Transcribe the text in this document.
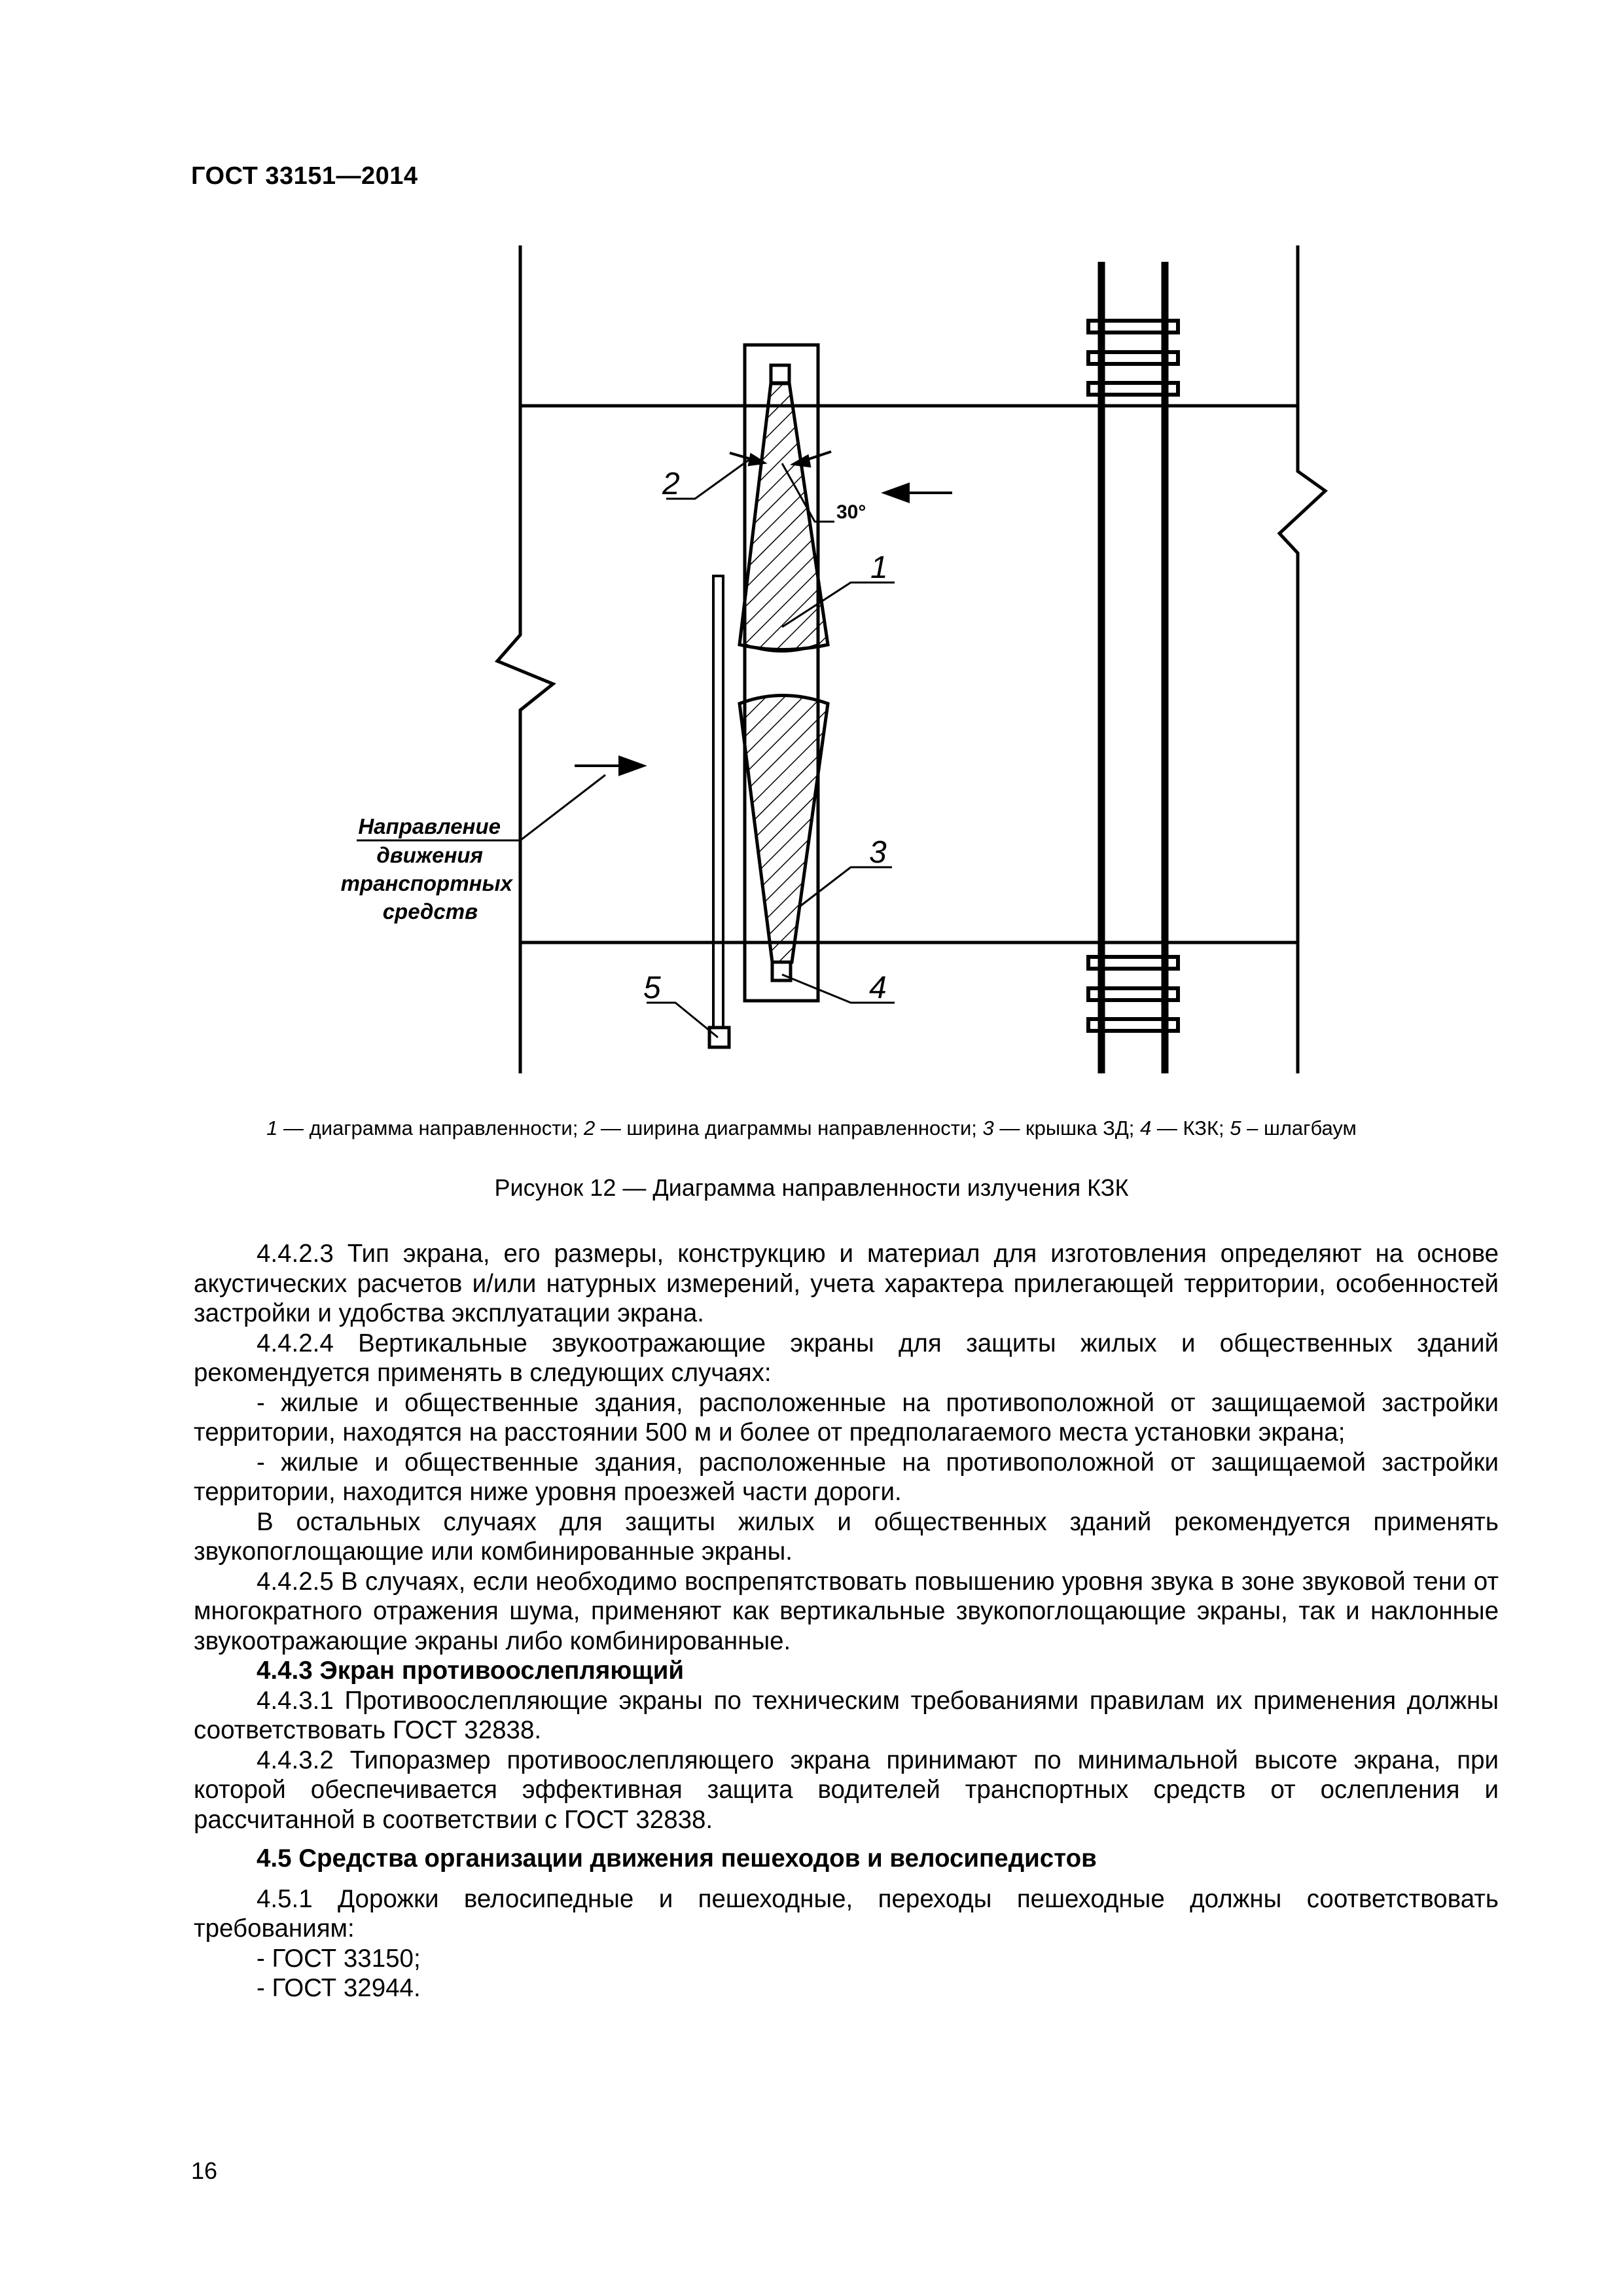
ГОСТ 33151—2014
2
1
3
4
5
30°
Направление
движения
транспортных
средств
1 — диаграмма направленности; 2 — ширина диаграммы направленности; 3 — крышка ЗД; 4 — КЗК; 5 – шлагбаум
Рисунок 12 — Диаграмма направленности излучения КЗК

4.4.2.3 Тип экрана, его размеры, конструкцию и материал для изготовления определяют на основе акустических расчетов и/или натурных измерений, учета характера прилегающей территории, особенностей застройки и удобства эксплуатации экрана.

4.4.2.4 Вертикальные звукоотражающие экраны для защиты жилых и общественных зданий рекомендуется применять в следующих случаях:

- жилые и общественные здания, расположенные на противоположной от защищаемой застройки территории, находятся на расстоянии 500 м и более от предполагаемого места установки экрана;

- жилые и общественные здания, расположенные на противоположной от защищаемой застройки территории, находится ниже уровня проезжей части дороги.

В остальных случаях для защиты жилых и общественных зданий рекомендуется применять звукопоглощающие или комбинированные экраны.

4.4.2.5 В случаях, если необходимо воспрепятствовать повышению уровня звука в зоне звуковой тени от многократного отражения шума, применяют как вертикальные звукопоглощающие экраны, так и наклонные звукоотражающие экраны либо комбинированные.

4.4.3 Экран противоослепляющий

4.4.3.1 Противоослепляющие экраны по техническим требованиями правилам их применения должны соответствовать ГОСТ 32838.

4.4.3.2 Типоразмер противоослепляющего экрана принимают по минимальной высоте экрана, при которой обеспечивается эффективная защита водителей транспортных средств от ослепления и рассчитанной в соответствии с ГОСТ 32838.

4.5 Средства организации движения пешеходов и велосипедистов

4.5.1 Дорожки велосипедные и пешеходные, переходы пешеходные должны соответствовать требованиям:

- ГОСТ 33150;

- ГОСТ 32944.

16
